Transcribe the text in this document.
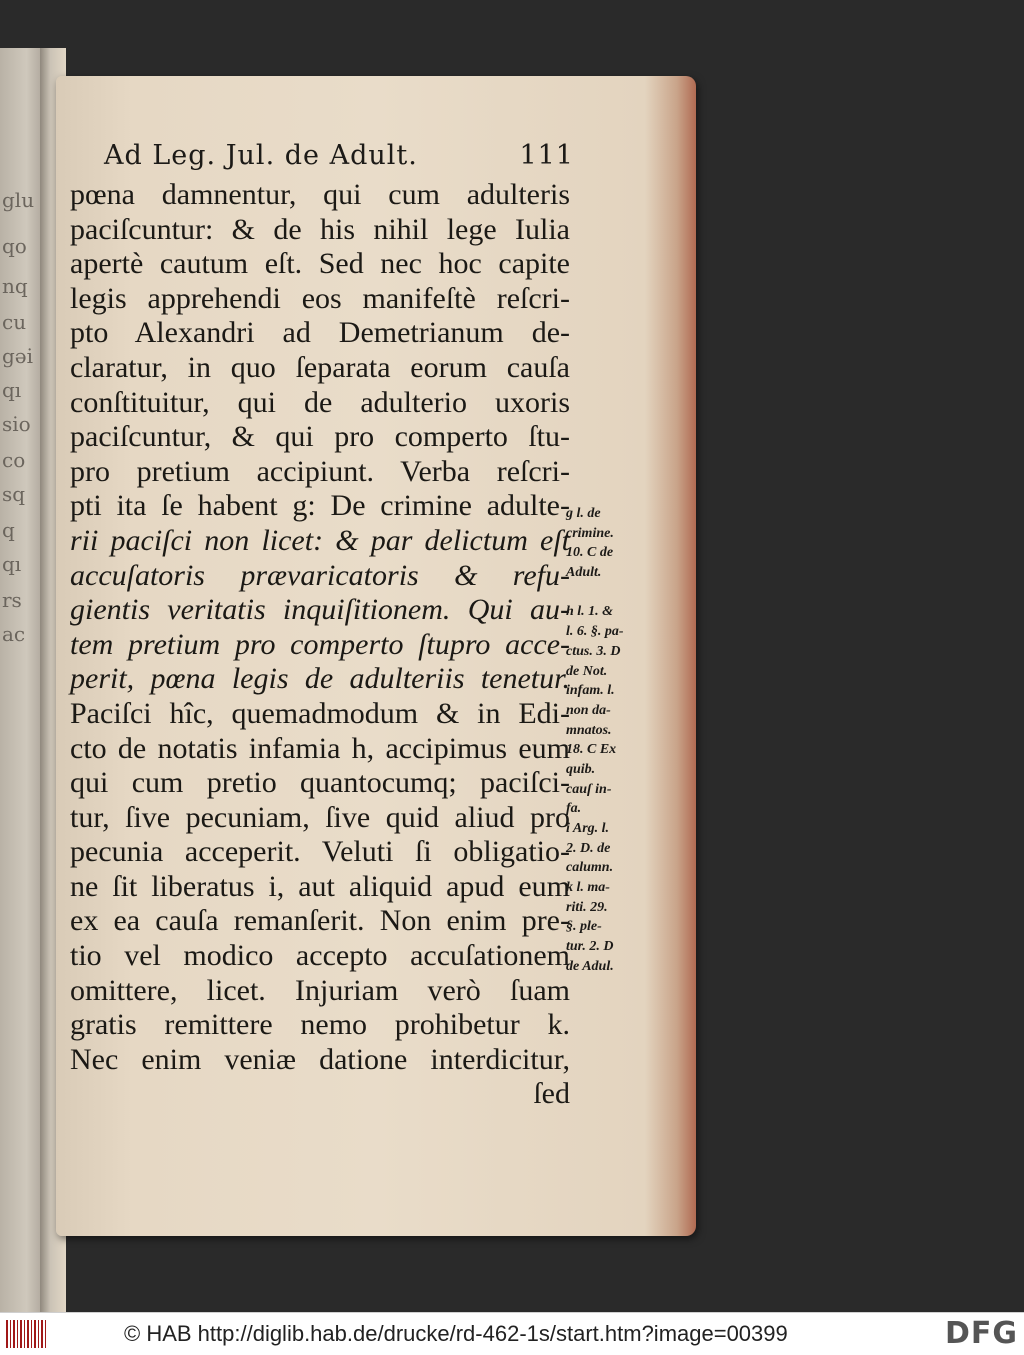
glu
qo
nq
cu
gəi
qı
sio
co
sq
q
qı
rs
ac
Ad Leg. Jul. de Adult.	111
pœna damnentur, qui cum adulteris
paciſcuntur: & de his nihil lege Iulia
apertè cautum eſt. Sed nec hoc capite
legis apprehendi eos manifeſtè reſcri-
pto Alexandri ad Demetrianum de-
claratur, in quo ſeparata eorum cauſa
conſtituitur, qui de adulterio uxoris
paciſcuntur, & qui pro comperto ſtu-
pro pretium accipiunt. Verba reſcri-
pti ita ſe habent g: De crimine adulte-
rii paciſci non licet: & par delictum eſt
accuſatoris prævaricatoris & refu-
gientis veritatis inquiſitionem. Qui au-
tem pretium pro comperto ſtupro acce-
perit, pœna legis de adulteriis tenetur.
Paciſci hîc, quemadmodum & in Edi-
cto de notatis infamia h, accipimus eum
qui cum pretio quantocumq; paciſci-
tur, ſive pecuniam, ſive quid aliud pro
pecunia acceperit. Veluti ſi obligatio-
ne ſit liberatus i, aut aliquid apud eum
ex ea cauſa remanſerit. Non enim pre-
tio vel modico accepto accuſationem
omittere, licet. Injuriam verò ſuam
gratis remittere nemo prohibetur k.
Nec enim veniæ datione interdicitur,
ſed
g l. de
crimine.
10. C de
Adult.
h l. 1. &
l. 6. §. pa-
ctus. 3. D
de Not.
infam. l.
non da-
mnatos.
18. C Ex
quib.
cauſ in-
fa.
i Arg. l.
2. D. de
calumn.
k l. ma-
riti. 29.
§. ple-
tur. 2. D
de Adul.
© HAB http://diglib.hab.de/drucke/rd-462-1s/start.htm?image=00399	DFG
